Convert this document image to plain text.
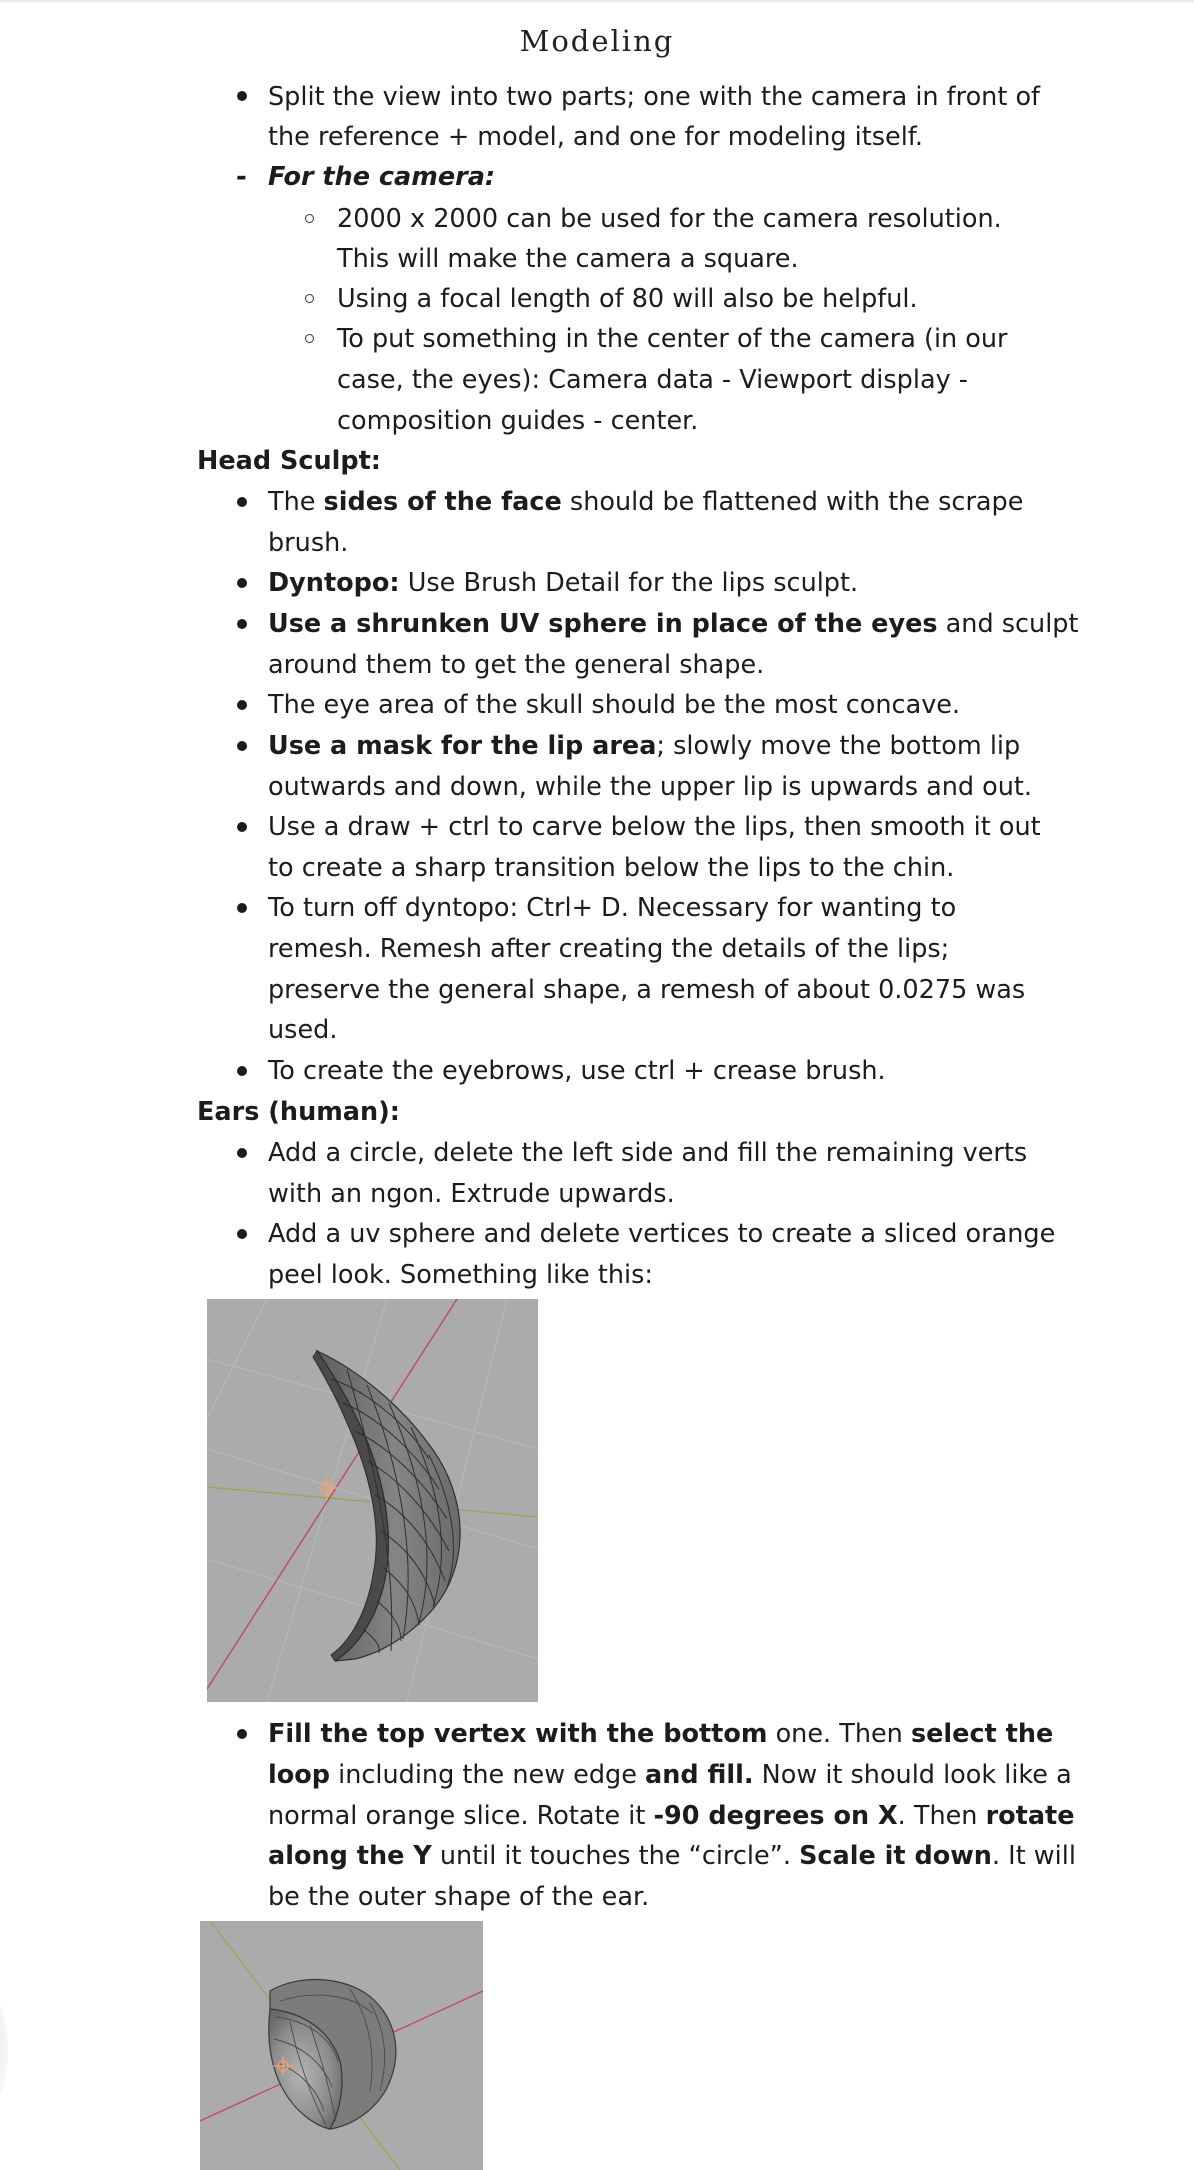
Modeling
Split the view into two parts; one with the camera in front of
the reference + model, and one for modeling itself.
- For the camera:
2000 x 2000 can be used for the camera resolution.
This will make the camera a square.
Using a focal length of 80 will also be helpful.
To put something in the center of the camera (in our
case, the eyes): Camera data - Viewport display -
composition guides - center.
Head Sculpt:
The sides of the face should be flattened with the scrape
brush.
Dyntopo: Use Brush Detail for the lips sculpt.
Use a shrunken UV sphere in place of the eyes and sculpt
around them to get the general shape.
The eye area of the skull should be the most concave.
Use a mask for the lip area; slowly move the bottom lip
outwards and down, while the upper lip is upwards and out.
Use a draw + ctrl to carve below the lips, then smooth it out
to create a sharp transition below the lips to the chin.
To turn off dyntopo: Ctrl+ D. Necessary for wanting to
remesh. Remesh after creating the details of the lips;
preserve the general shape, a remesh of about 0.0275 was
used.
To create the eyebrows, use ctrl + crease brush.
Ears (human):
Add a circle, delete the left side and fill the remaining verts
with an ngon. Extrude upwards.
Add a uv sphere and delete vertices to create a sliced orange
peel look. Something like this:
Fill the top vertex with the bottom one. Then select the
loop including the new edge and fill. Now it should look like a
normal orange slice. Rotate it -90 degrees on X. Then rotate
along the Y until it touches the “circle”. Scale it down. It will
be the outer shape of the ear.
